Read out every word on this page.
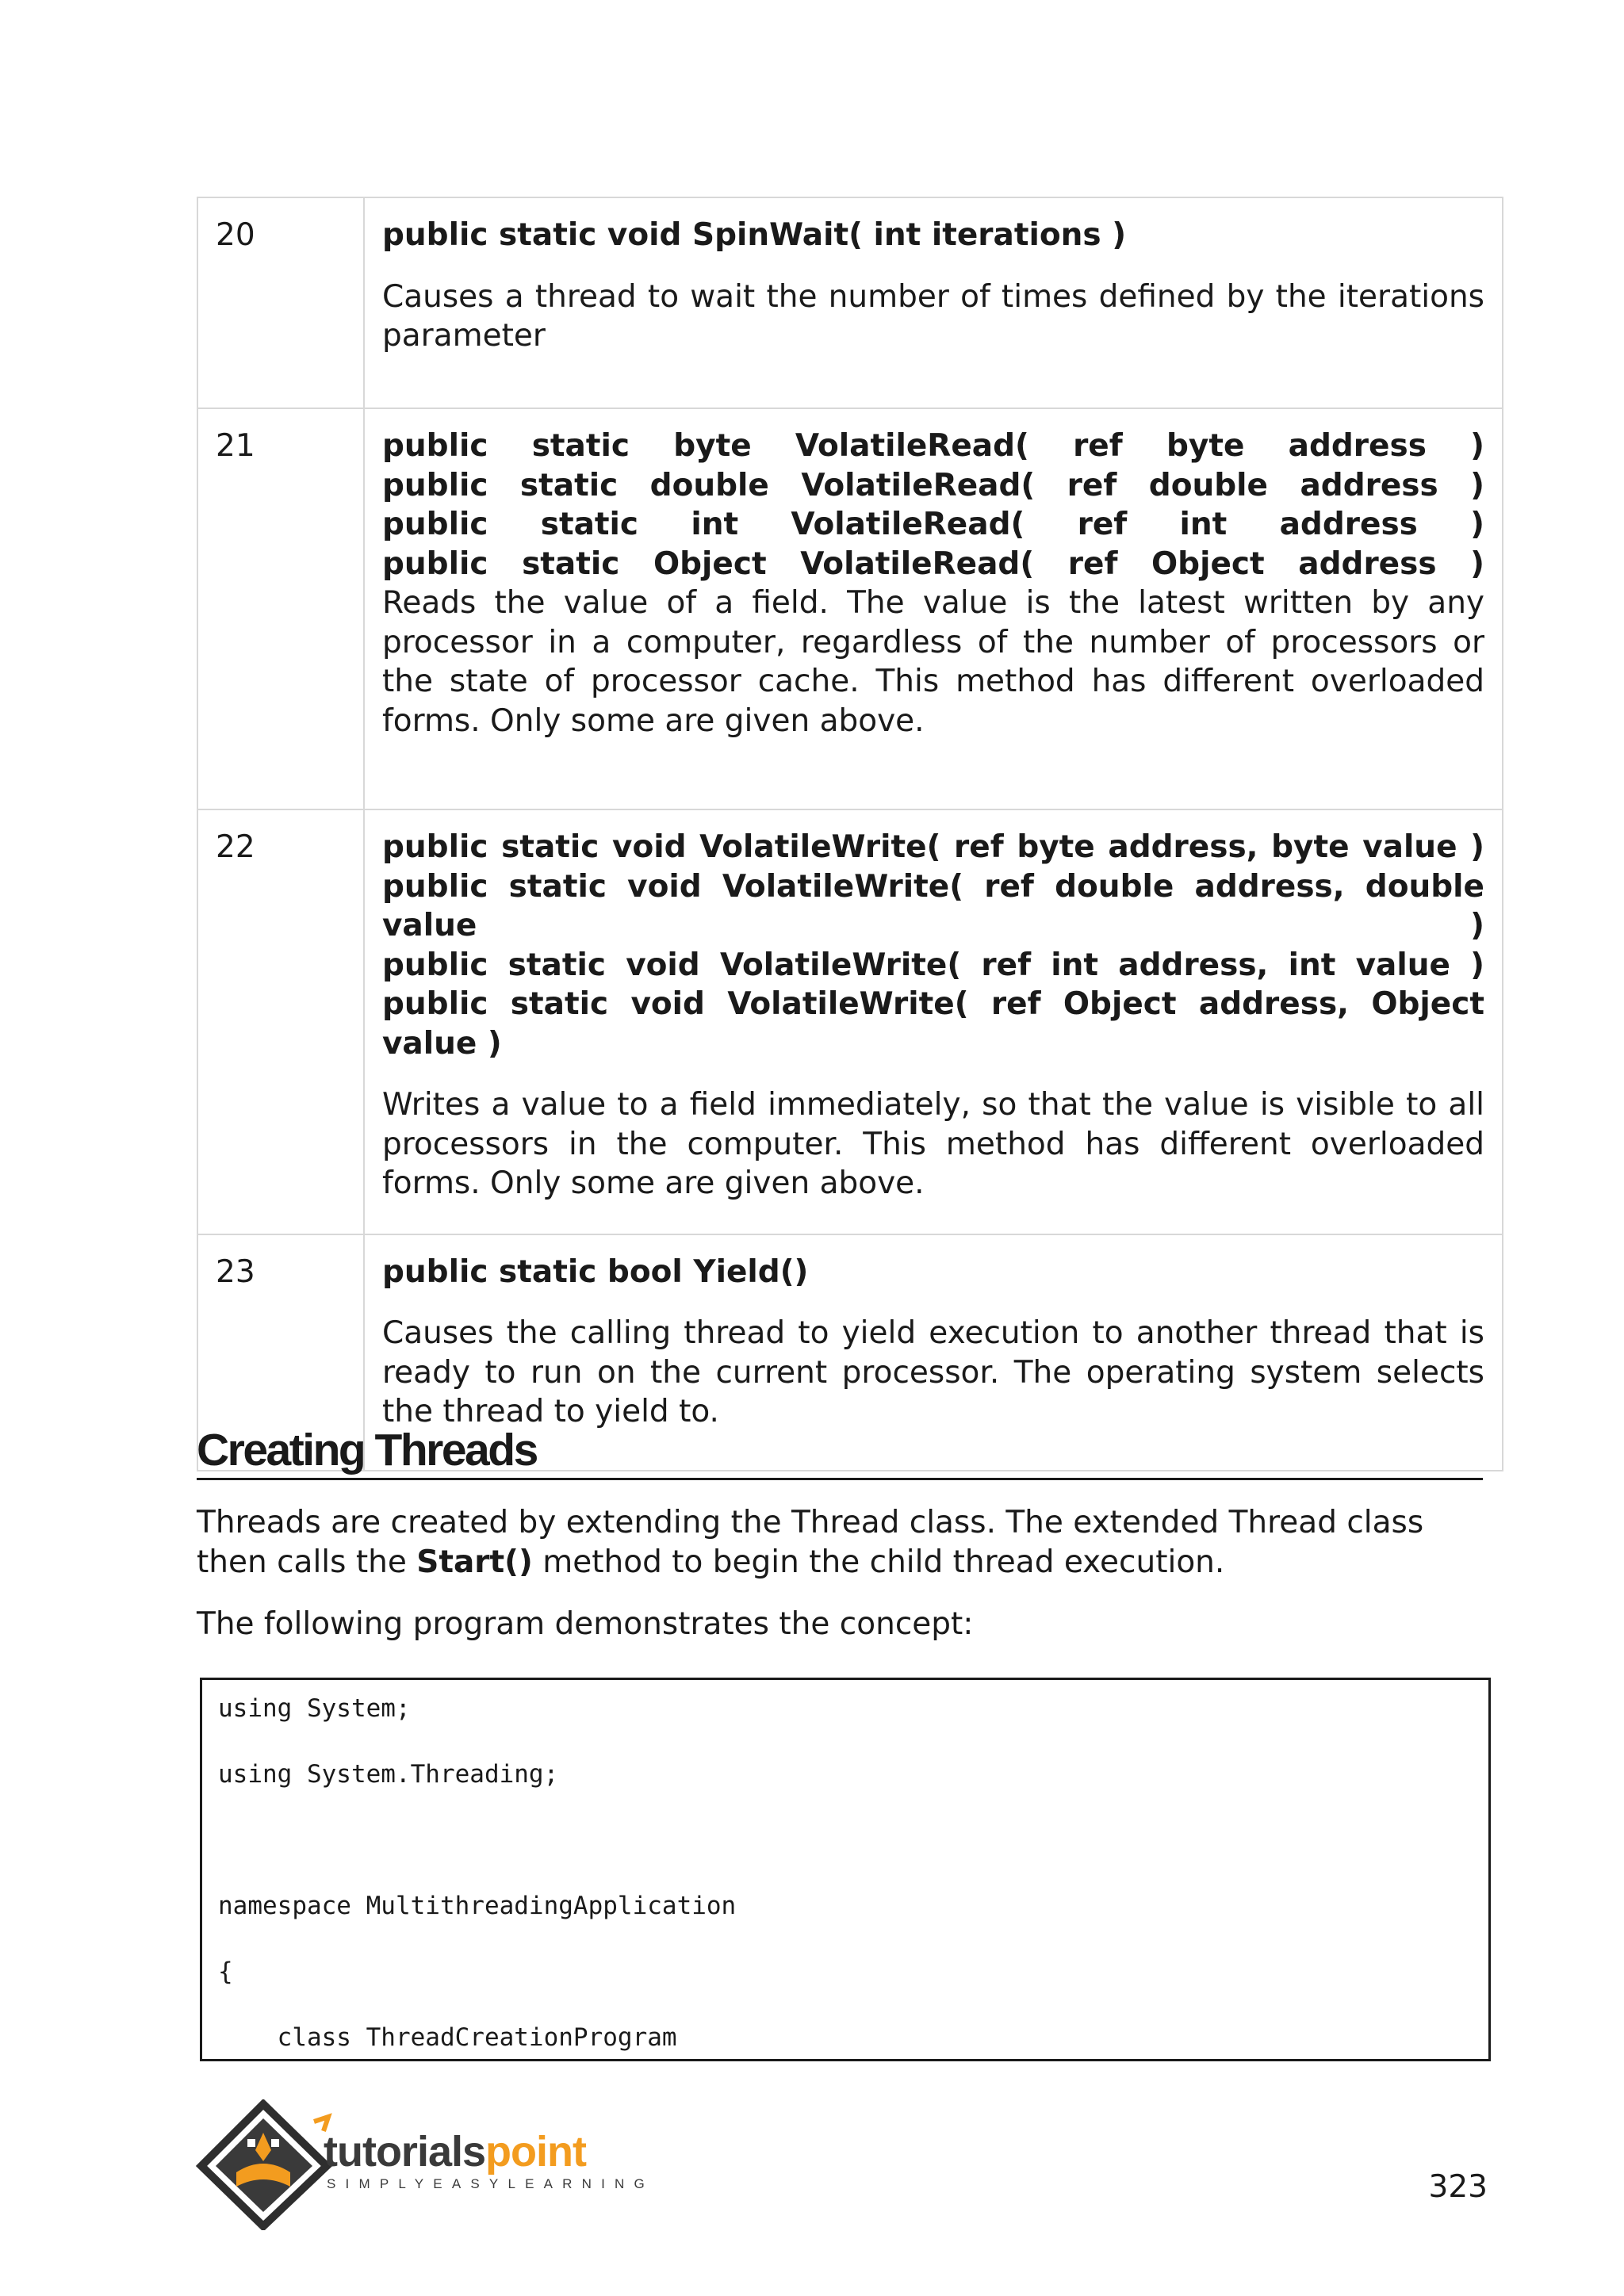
20	public static void SpinWait( int iterations )
Causes a thread to wait the number of times defined by the iterations parameter

21	public static byte VolatileRead( ref byte address )
public static double VolatileRead( ref double address )
public static int VolatileRead( ref int address )
public static Object VolatileRead( ref Object address )
Reads the value of a field. The value is the latest written by any processor in a computer, regardless of the number of processors or the state of processor cache. This method has different overloaded forms. Only some are given above.

22	public static void VolatileWrite( ref byte address, byte value )
public static void VolatileWrite( ref double address, double value )
public static void VolatileWrite( ref int address, int value )
public static void VolatileWrite( ref Object address, Object value )
Writes a value to a field immediately, so that the value is visible to all processors in the computer. This method has different overloaded forms. Only some are given above.

23	public static bool Yield()
Causes the calling thread to yield execution to another thread that is ready to run on the current processor. The operating system selects the thread to yield to.
Creating Threads

Threads are created by extending the Thread class. The extended Thread class then calls the Start() method to begin the child thread execution.

The following program demonstrates the concept:

using System;
using System.Threading;
namespace MultithreadingApplication
{
class ThreadCreationProgram
tutorialspoint
SIMPLYEASYLEARNING	323
